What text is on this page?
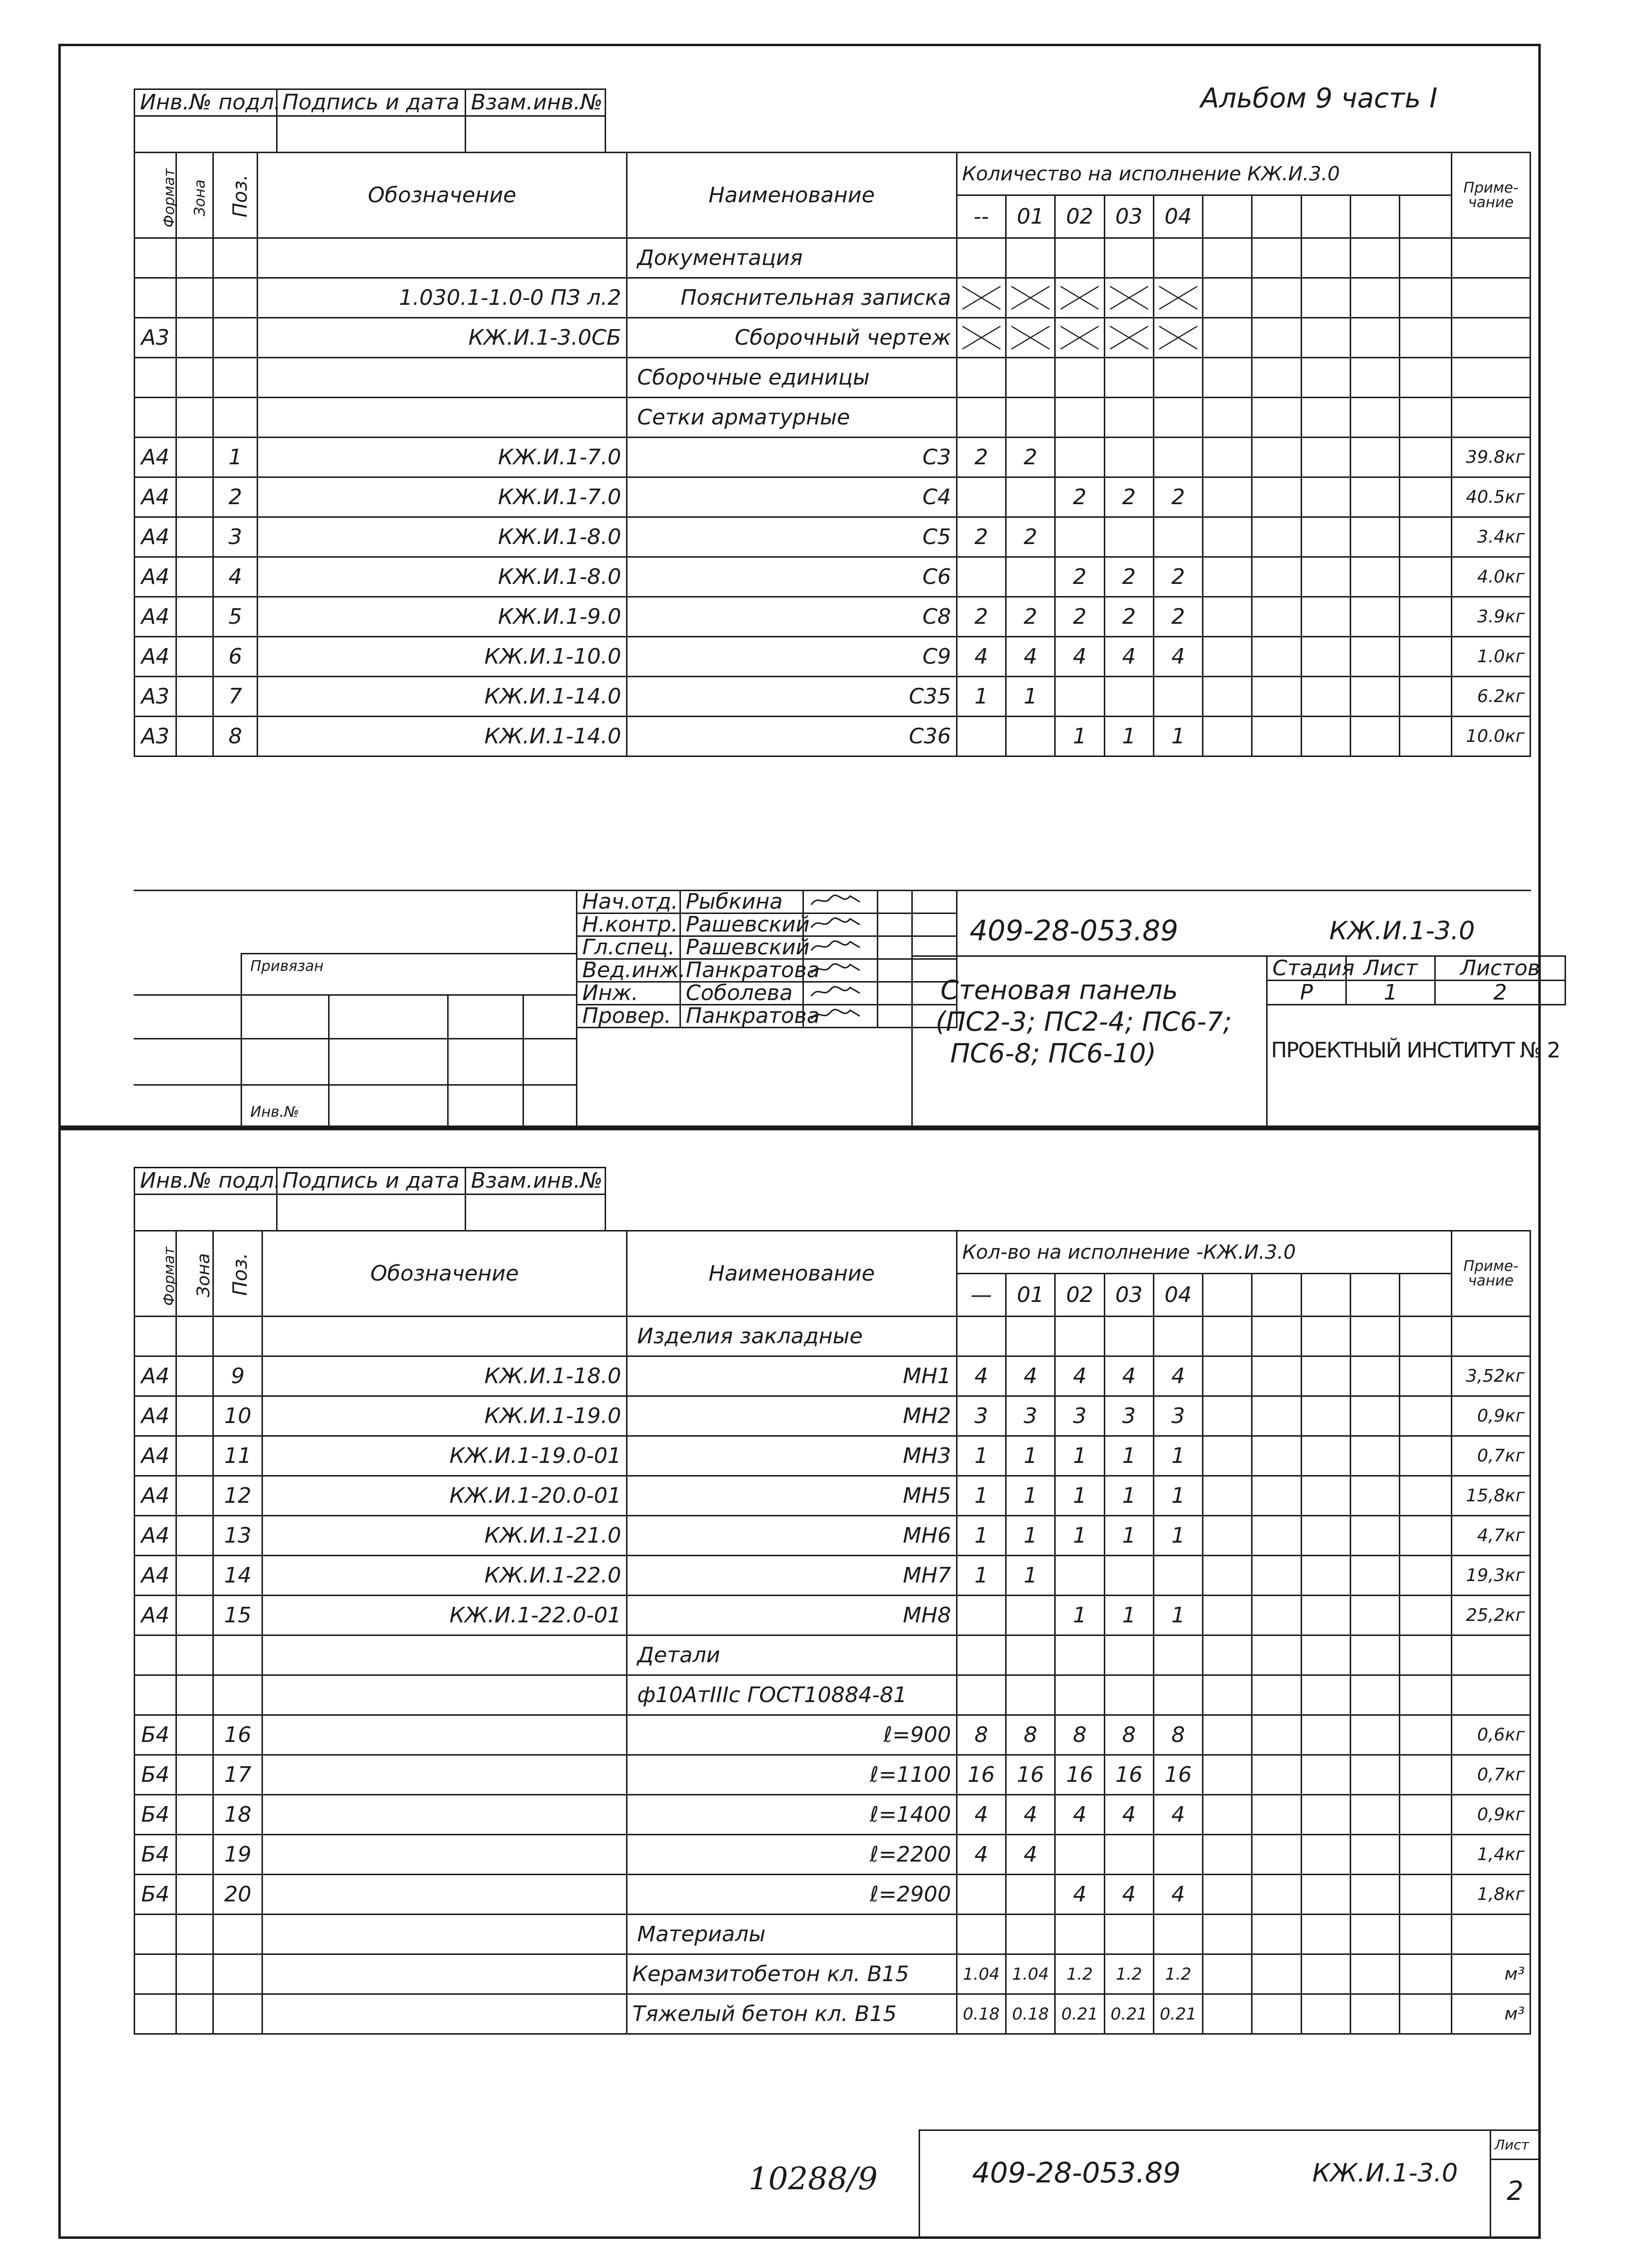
Альбом 9 часть I
Инв.№ подл.	Подпись и дата	Взам.инв.№

Формат	Зона	Поз.	Обозначение	Наименование	Количество на исполнение КЖ.И.3.0										Приме-чание
					--	01	02	03	04						
				Документация											
			1.030.1-1.0-0 ПЗ л.2	Пояснительная записка	

А3			КЖ.И.1-3.0СБ	Сборочный чертеж	

				Сборочные единицы											
				Сетки арматурные											
А4		1	КЖ.И.1-7.0	С3	2	2									39.8кг
А4		2	КЖ.И.1-7.0	С4			2	2	2						40.5кг
А4		3	КЖ.И.1-8.0	С5	2	2									3.4кг
А4		4	КЖ.И.1-8.0	С6			2	2	2						4.0кг
А4		5	КЖ.И.1-9.0	С8	2	2	2	2	2						3.9кг
А4		6	КЖ.И.1-10.0	С9	4	4	4	4	4						1.0кг
А3		7	КЖ.И.1-14.0	С35	1	1									6.2кг
А3		8	КЖ.И.1-14.0	С36			1	1	1						10.0кг
Нач.отд.	Рыбкина		
Н.контр.	Рашевский		
Гл.спец.	Рашевский		
Вед.инж.	Панкратова		
Инж.	Соболева		
Провер.	Панкратова		

409-28-053.89	КЖ.И.1-3.0
Стеновая панель
(ПС2-3; ПС2-4; ПС6-7;
ПС6-8; ПС6-10)
Стадия	Лист	Листов
Р	1	2
ПРОЕКТНЫЙ ИНСТИТУТ № 2
Привязан
Инв.№
Инв.№ подл.	Подпись и дата	Взам.инв.№

Формат	Зона	Поз.	Обозначение	Наименование	Кол-во на исполнение -КЖ.И.3.0										Приме-чание
					—	01	02	03	04						
				Изделия закладные											
А4		9	КЖ.И.1-18.0	МН1	4	4	4	4	4						3,52кг
А4		10	КЖ.И.1-19.0	МН2	3	3	3	3	3						0,9кг
А4		11	КЖ.И.1-19.0-01	МН3	1	1	1	1	1						0,7кг
А4		12	КЖ.И.1-20.0-01	МН5	1	1	1	1	1						15,8кг
А4		13	КЖ.И.1-21.0	МН6	1	1	1	1	1						4,7кг
А4		14	КЖ.И.1-22.0	МН7	1	1									19,3кг
А4		15	КЖ.И.1-22.0-01	МН8			1	1	1						25,2кг
				Детали											
				ф10АтIIIс ГОСТ10884-81											
Б4		16		ℓ=900	8	8	8	8	8						0,6кг
Б4		17		ℓ=1100	16	16	16	16	16						0,7кг
Б4		18		ℓ=1400	4	4	4	4	4						0,9кг
Б4		19		ℓ=2200	4	4									1,4кг
Б4		20		ℓ=2900			4	4	4						1,8кг
				Материалы											
				Керамзитобетон кл. В15	1.04	1.04	1.2	1.2	1.2						м³
				Тяжелый бетон кл. В15	0.18	0.18	0.21	0.21	0.21						м³
409-28-053.89	КЖ.И.1-3.0
Лист
2
10288/9
